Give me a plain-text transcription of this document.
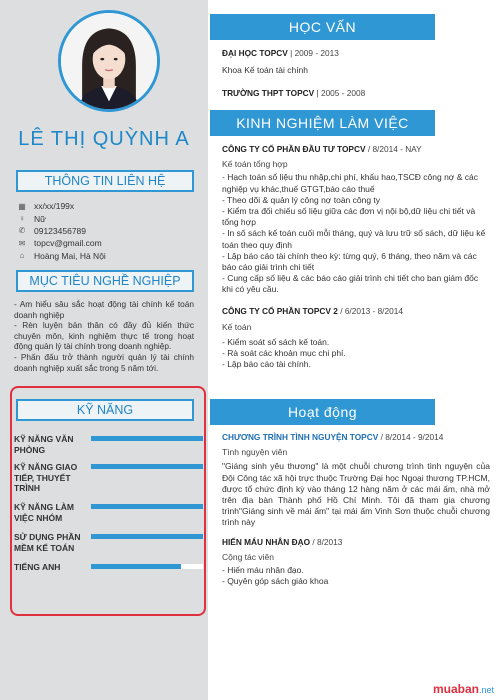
LÊ THỊ QUỲNH A
THÔNG TIN LIÊN HỆ
▦ xx/xx/199x
♀	Nữ
✆	09123456789
✉	topcv@gmail.com
⌂	Hoàng Mai, Hà Nội
MỤC TIÊU NGHỀ NGHIỆP

- Am hiểu sâu sắc hoạt động tài chính kế toán doanh nghiệp

- Rèn luyện bản thân có đầy đủ kiến thức chuyên môn, kinh nghiệm thực tế trong hoạt động quản lý tài chính trong doanh nghiệp.

- Phấn đấu trở thành người quản lý tài chính doanh nghiệp xuất sắc trong 5 năm tới.

KỸ NĂNG
KỸ NĂNG VĂN PHÒNG
KỸ NĂNG GIAO TIẾP, THUYẾT TRÌNH
KỸ NĂNG LÀM VIỆC NHÓM
SỬ DỤNG PHẦN MỀM KẾ TOÁN
TIẾNG ANH
HỌC VẤN
ĐẠI HỌC TOPCV | 2009 - 2013
Khoa Kế toán tài chính
TRƯỜNG THPT TOPCV | 2005 - 2008
KINH NGHIỆM LÀM VIỆC
CÔNG TY CỔ PHẦN ĐẦU TƯ TOPCV / 8/2014 - NAY
Kế toán tổng hợp
- Hạch toán số liệu thu nhập,chi phí, khấu hao,TSCĐ công nợ & các nghiệp vụ khác,thuế GTGT,báo cáo thuế
- Theo dõi & quản lý công nợ toàn công ty
- Kiểm tra đối chiếu số liệu giữa các đơn vị nội bộ,dữ liệu chi tiết và tổng hợp
- In số sách kế toán cuối mỗi tháng, quý và lưu trữ số sách, dữ liệu kế toán theo quy định
- Lập báo cáo tài chính theo kỳ: từng quý, 6 tháng, theo năm và các báo cáo giải trình chi tiết
- Cung cấp số liệu & các báo cáo giải trình chi tiết cho ban giám đốc khi có yêu cầu.
CÔNG TY CỔ PHẦN TOPCV 2 / 6/2013 - 8/2014
Kế toán
- Kiểm soát số sách kế toán.
- Rà soát các khoản mục chi phí.
- Lập báo cáo tài chính.
Hoạt động
CHƯƠNG TRÌNH TÌNH NGUYỆN TOPCV / 8/2014 - 9/2014
Tình nguyện viên
"Giáng sinh yêu thương" là một chuỗi chương trình tình nguyện của Đội Công tác xã hội trực thuộc Trường Đại học Ngoại thương TP.HCM, được tổ chức định kỳ vào tháng 12 hàng năm ở các mái ấm, nhà mở trên địa bàn Thành phố Hồ Chí Minh. Tôi đã tham gia chương trình"Giáng sinh về mái ấm" tại mái ấm Vinh Sơn thuộc chuỗi chương trình này
HIẾN MÁU NHÂN ĐẠO / 8/2013
Cộng tác viên
- Hiến máu nhân đạo.
- Quyên góp sách giáo khoa
muaban.net
